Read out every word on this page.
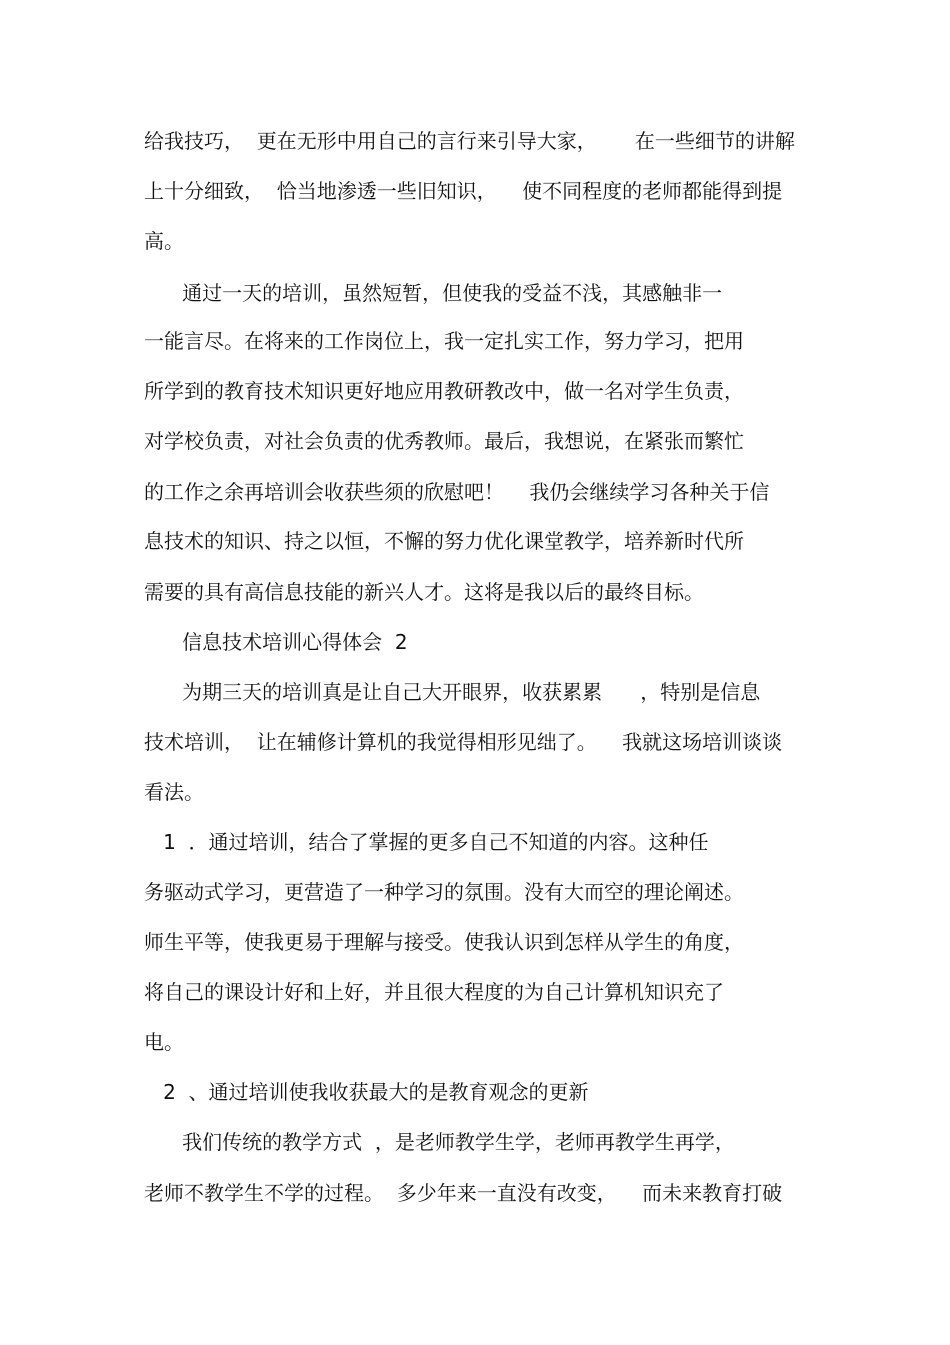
给我技巧，  更在无形中用自己的言行来引导大家，      在一些细节的讲解

上十分细致，  恰当地渗透一些旧知识，    使不同程度的老师都能得到提

高。

通过一天的培训，虽然短暂，但使我的受益不浅，其感触非一

一能言尽。在将来的工作岗位上，我一定扎实工作，努力学习，把用

所学到的教育技术知识更好地应用教研教改中，做一名对学生负责，

对学校负责，对社会负责的优秀教师。最后，我想说，在紧张而繁忙

的工作之余再培训会收获些须的欣慰吧！    我仍会继续学习各种关于信

息技术的知识、持之以恒，不懈的努力优化课堂教学，培养新时代所

需要的具有高信息技能的新兴人才。这将是我以后的最终目标。

信息技术培训心得体会  2

为期三天的培训真是让自己大开眼界，收获累累      ，特别是信息

技术培训，  让在辅修计算机的我觉得相形见绌了。    我就这场培训谈谈

看法。

1  ．通过培训，结合了掌握的更多自己不知道的内容。这种任

务驱动式学习，更营造了一种学习的氛围。没有大而空的理论阐述。

师生平等，使我更易于理解与接受。使我认识到怎样从学生的角度，

将自己的课设计好和上好，并且很大程度的为自己计算机知识充了

电。

2  、通过培训使我收获最大的是教育观念的更新

我们传统的教学方式  ，是老师教学生学，老师再教学生再学，

老师不教学生不学的过程。  多少年来一直没有改变，    而未来教育打破
